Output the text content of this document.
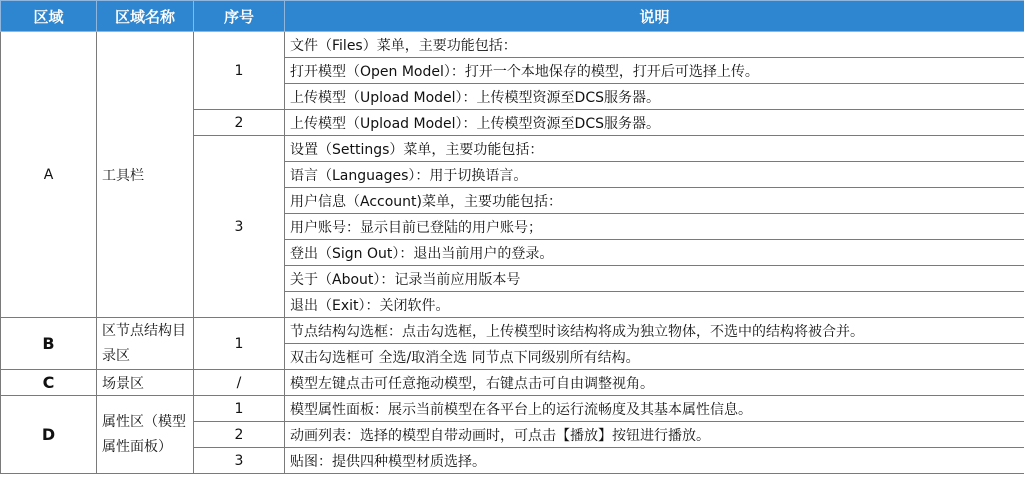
区域	区域名称	序号	说明
A	工具栏	1	文件（Files）菜单，主要功能包括：
			打开模型（Open Model）：打开一个本地保存的模型，打开后可选择上传。
			上传模型（Upload Model）：上传模型资源至DCS服务器。
		2	上传模型（Upload Model）：上传模型资源至DCS服务器。
		3	设置（Settings）菜单，主要功能包括：
			语言（Languages）：用于切换语言。
			用户信息（Account)菜单，主要功能包括：
			用户账号：显示目前已登陆的用户账号；
			登出（Sign Out）：退出当前用户的登录。
			关于（About）：记录当前应用版本号
			退出（Exit）：关闭软件。
B	区节点结构目录区	1	节点结构勾选框：点击勾选框，上传模型时该结构将成为独立物体，不选中的结构将被合并。
			双击勾选框可 全选/取消全选 同节点下同级别所有结构。
C	场景区	/	模型左键点击可任意拖动模型，右键点击可自由调整视角。
D	属性区（模型属性面板）	1	模型属性面板：展示当前模型在各平台上的运行流畅度及其基本属性信息。
		2	动画列表：选择的模型自带动画时，可点击【播放】按钮进行播放。
		3	贴图：提供四种模型材质选择。
